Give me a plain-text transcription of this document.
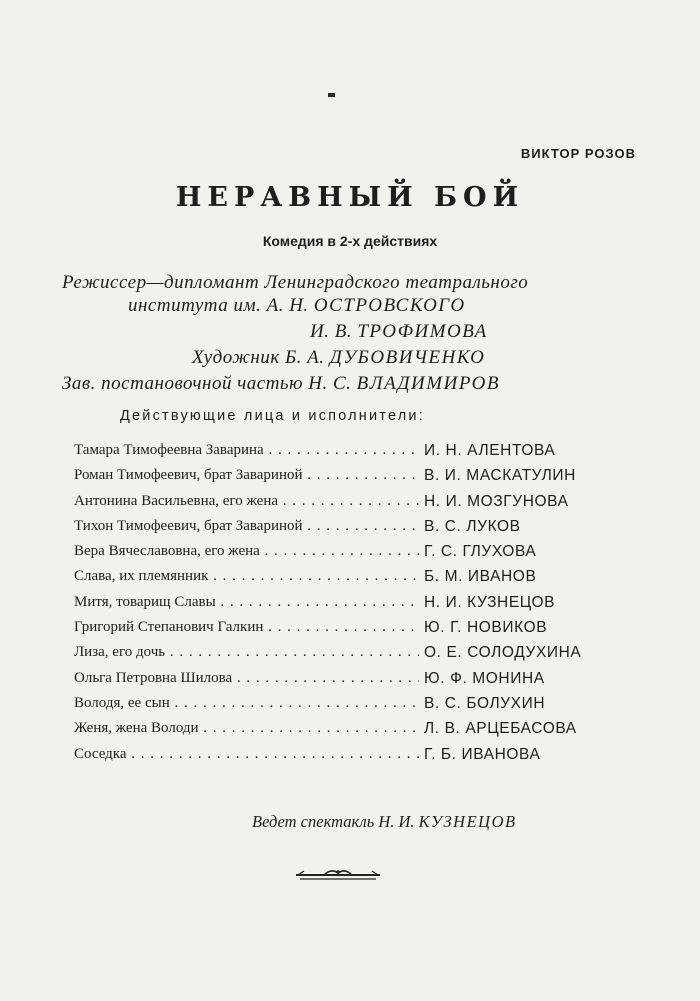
ВИКТОР РОЗОВ
НЕРАВНЫЙ БОЙ
Комедия в 2-х действиях
Режиссер—дипломант Ленинградского театрального
института им. А. Н. ОСТРОВСКОГО
И. В. ТРОФИМОВА
Художник Б. А. ДУБОВИЧЕНКО
Зав. постановочной частью Н. С. ВЛАДИМИРОВ
Действующие лица и исполнители:
Тамара Тимофеевна Заварина . . .	И. Н. АЛЕНТОВА
Роман Тимофеевич, брат Завариной . . .	В. И. МАСКАТУЛИН
Антонина Васильевна, его жена . . .	Н. И. МОЗГУНОВА
Тихон Тимофеевич, брат Завариной . . .	В. С. ЛУКОВ
Вера Вячеславовна, его жена . . .	Г. С. ГЛУХОВА
Слава, их племянник . . .	Б. М. ИВАНОВ
Митя, товарищ Славы . . .	Н. И. КУЗНЕЦОВ
Григорий Степанович Галкин . . .	Ю. Г. НОВИКОВ
Лиза, его дочь . . .	О. Е. СОЛОДУХИНА
Ольга Петровна Шилова . . .	Ю. Ф. МОНИНА
Володя, ее сын . . .	В. С. БОЛУХИН
Женя, жена Володи . . .	Л. В. АРЦЕБАСОВА
Соседка . . .	Г. Б. ИВАНОВА
Ведет спектакль Н. И. КУЗНЕЦОВ
